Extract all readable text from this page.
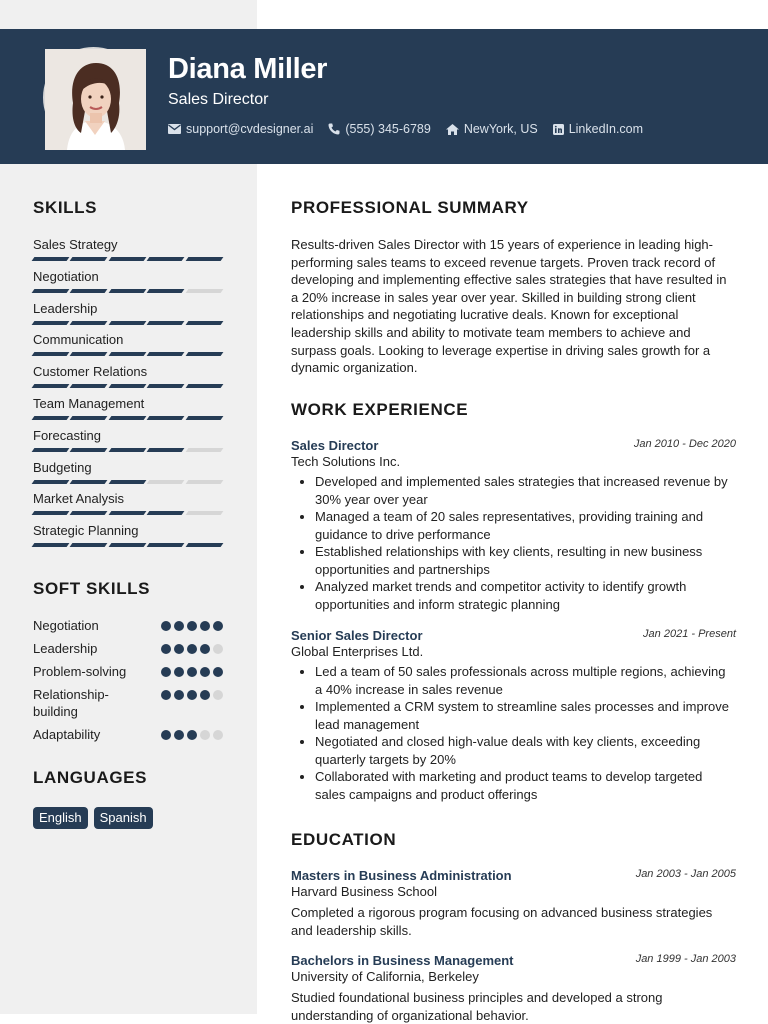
Diana Miller
Sales Director
support@cvdesigner.ai	(555) 345-6789	NewYork, US LinkedIn.com
SKILLS
Sales Strategy
Negotiation
Leadership
Communication
Customer Relations
Team Management
Forecasting
Budgeting
Market Analysis
Strategic Planning
SOFT SKILLS
Negotiation
Leadership
Problem-solving
Relationship-building
Adaptability
LANGUAGES
English	Spanish
PROFESSIONAL SUMMARY
Results-driven Sales Director with 15 years of experience in leading high-performing sales teams to exceed revenue targets. Proven track record of developing and implementing effective sales strategies that have resulted in a 20% increase in sales year over year. Skilled in building strong client relationships and negotiating lucrative deals. Known for exceptional leadership skills and ability to motivate team members to achieve and surpass goals. Looking to leverage expertise in driving sales growth for a dynamic organization.
WORK EXPERIENCE
Sales Director	Jan 2010 - Dec 2020
Tech Solutions Inc.
• Developed and implemented sales strategies that increased revenue by 30% year over year
• Managed a team of 20 sales representatives, providing training and guidance to drive performance
• Established relationships with key clients, resulting in new business opportunities and partnerships
• Analyzed market trends and competitor activity to identify growth opportunities and inform strategic planning
Senior Sales Director	Jan 2021 - Present
Global Enterprises Ltd.
• Led a team of 50 sales professionals across multiple regions, achieving a 40% increase in sales revenue
• Implemented a CRM system to streamline sales processes and improve lead management
• Negotiated and closed high-value deals with key clients, exceeding quarterly targets by 20%
• Collaborated with marketing and product teams to develop targeted sales campaigns and product offerings
EDUCATION
Masters in Business Administration	Jan 2003 - Jan 2005
Harvard Business School
Completed a rigorous program focusing on advanced business strategies and leadership skills.
Bachelors in Business Management	Jan 1999 - Jan 2003
University of California, Berkeley
Studied foundational business principles and developed a strong understanding of organizational behavior.
